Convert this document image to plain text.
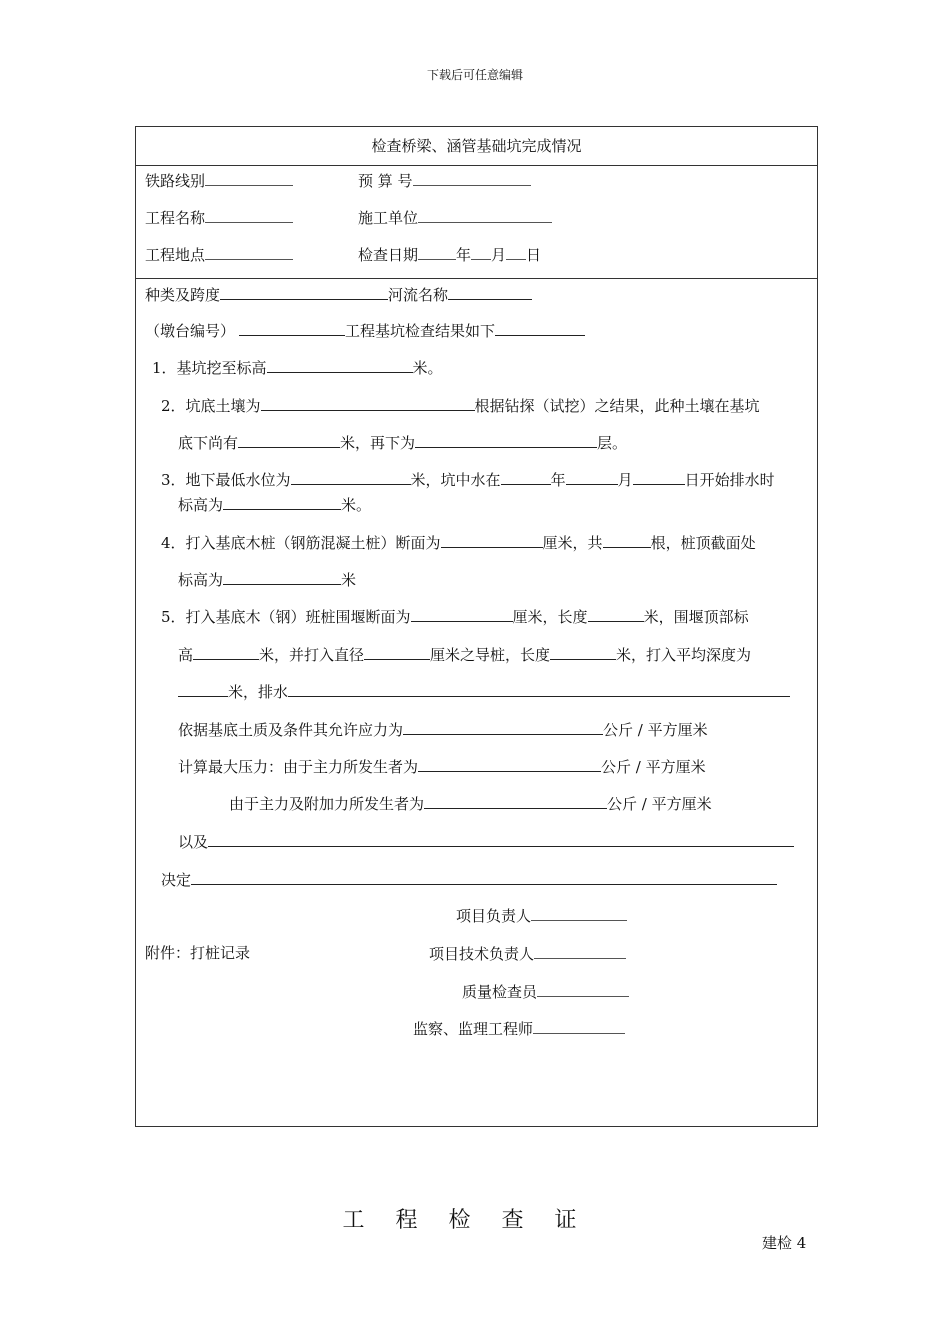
下载后可任意编辑
检查桥梁、涵管基础坑完成情况
铁路线别	预 算 号
工程名称	施工单位
工程地点	检查日期	年 月 日
种类及跨度	河流名称
（墩台编号）	工程基坑检查结果如下
1．基坑挖至标高	米。
2．坑底土壤为	根据钻探（试挖）之结果，此种土壤在基坑
底下尚有	米，再下为	层。
3．地下最低水位为	米，坑中水在	年	月	日开始排水时
标高为	米。
4．打入基底木桩（钢筋混凝土桩）断面为	厘米，共	根，桩顶截面处
标高为	米
5．打入基底木（钢）班桩围堰断面为	厘米，长度	米，围堰顶部标
高	米，并打入直径	厘米之导桩，长度	米，打入平均深度为
米，排水
依据基底土质及条件其允许应力为	公斤 / 平方厘米
计算最大压力：由于主力所发生者为	公斤 / 平方厘米
由于主力及附加力所发生者为	公斤 / 平方厘米
以及
决定
项目负责人
附件：打桩记录	项目技术负责人
质量检查员
监察、监理工程师
工程检查证
建检 4
